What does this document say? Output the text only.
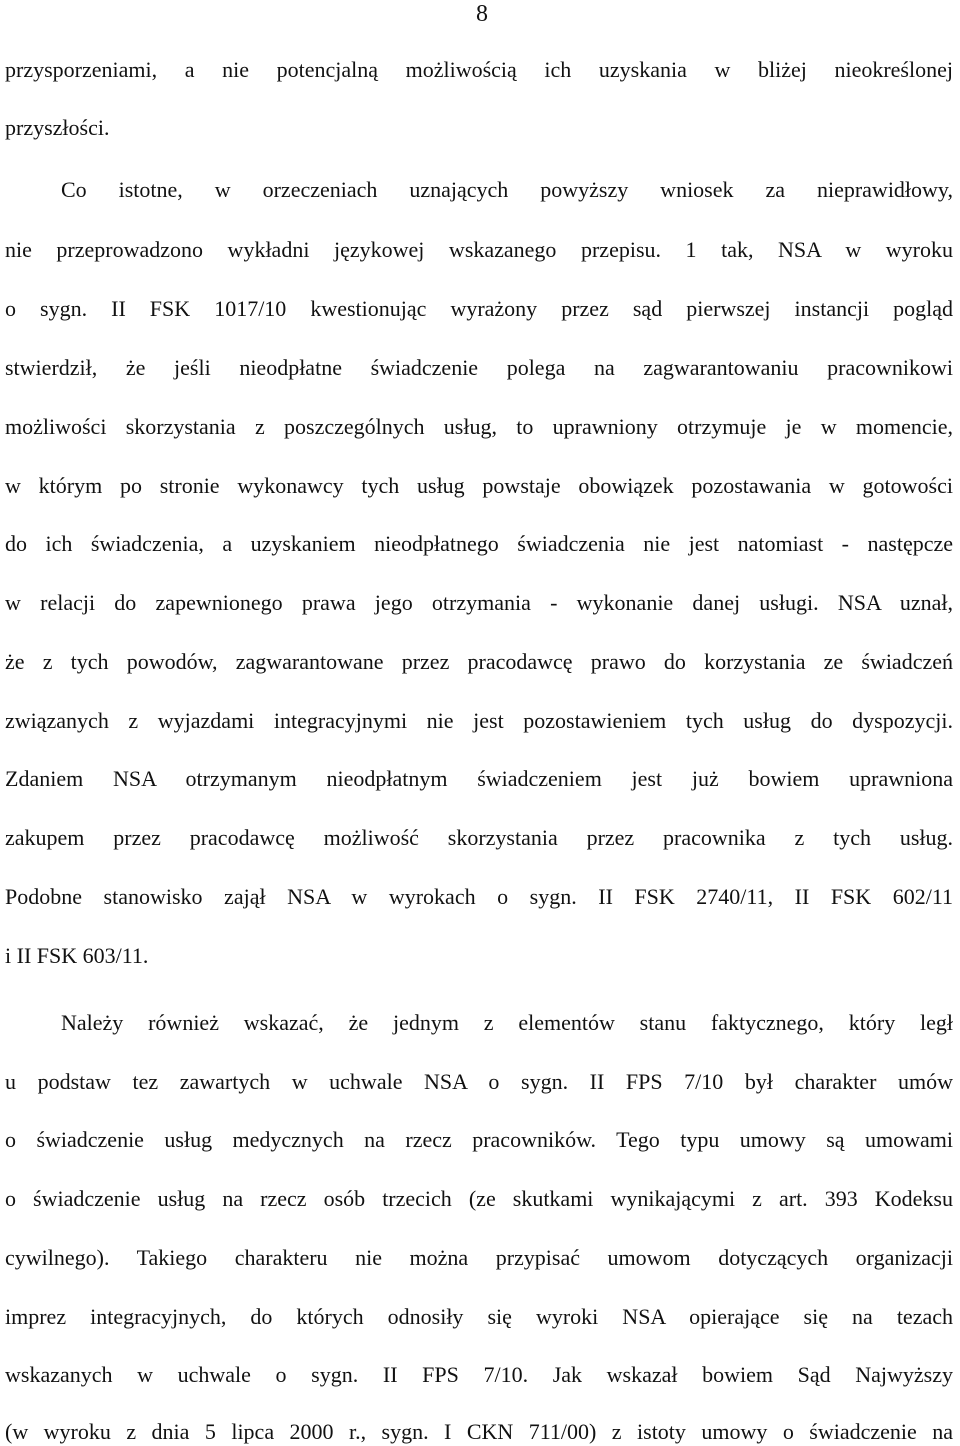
8
przysporzeniami, a nie potencjalną możliwością ich uzyskania w bliżej nieokreślonej
przyszłości.
Co istotne, w orzeczeniach uznających powyższy wniosek za nieprawidłowy,
nie przeprowadzono wykładni językowej wskazanego przepisu. 1 tak, NSA w wyroku
o sygn. II FSK 1017/10 kwestionując wyrażony przez sąd pierwszej instancji pogląd
stwierdził, że jeśli nieodpłatne świadczenie polega na zagwarantowaniu pracownikowi
możliwości skorzystania z poszczególnych usług, to uprawniony otrzymuje je w momencie,
w którym po stronie wykonawcy tych usług powstaje obowiązek pozostawania w gotowości
do ich świadczenia, a uzyskaniem nieodpłatnego świadczenia nie jest natomiast - następcze
w relacji do zapewnionego prawa jego otrzymania - wykonanie danej usługi. NSA uznał,
że z tych powodów, zagwarantowane przez pracodawcę prawo do korzystania ze świadczeń
związanych z wyjazdami integracyjnymi nie jest pozostawieniem tych usług do dyspozycji.
Zdaniem NSA otrzymanym nieodpłatnym świadczeniem jest już bowiem uprawniona
zakupem przez pracodawcę możliwość skorzystania przez pracownika z tych usług.
Podobne stanowisko zajął NSA w wyrokach o sygn. II FSK 2740/11, II FSK 602/11
i II FSK 603/11.
Należy również wskazać, że jednym z elementów stanu faktycznego, który legł
u podstaw tez zawartych w uchwale NSA o sygn. II FPS 7/10 był charakter umów
o świadczenie usług medycznych na rzecz pracowników. Tego typu umowy są umowami
o świadczenie usług na rzecz osób trzecich (ze skutkami wynikającymi z art. 393 Kodeksu
cywilnego). Takiego charakteru nie można przypisać umowom dotyczących organizacji
imprez integracyjnych, do których odnosiły się wyroki NSA opierające się na tezach
wskazanych w uchwale o sygn. II FPS 7/10. Jak wskazał bowiem Sąd Najwyższy
(w wyroku z dnia 5 lipca 2000 r., sygn. I CKN 711/00) z istoty umowy o świadczenie na
